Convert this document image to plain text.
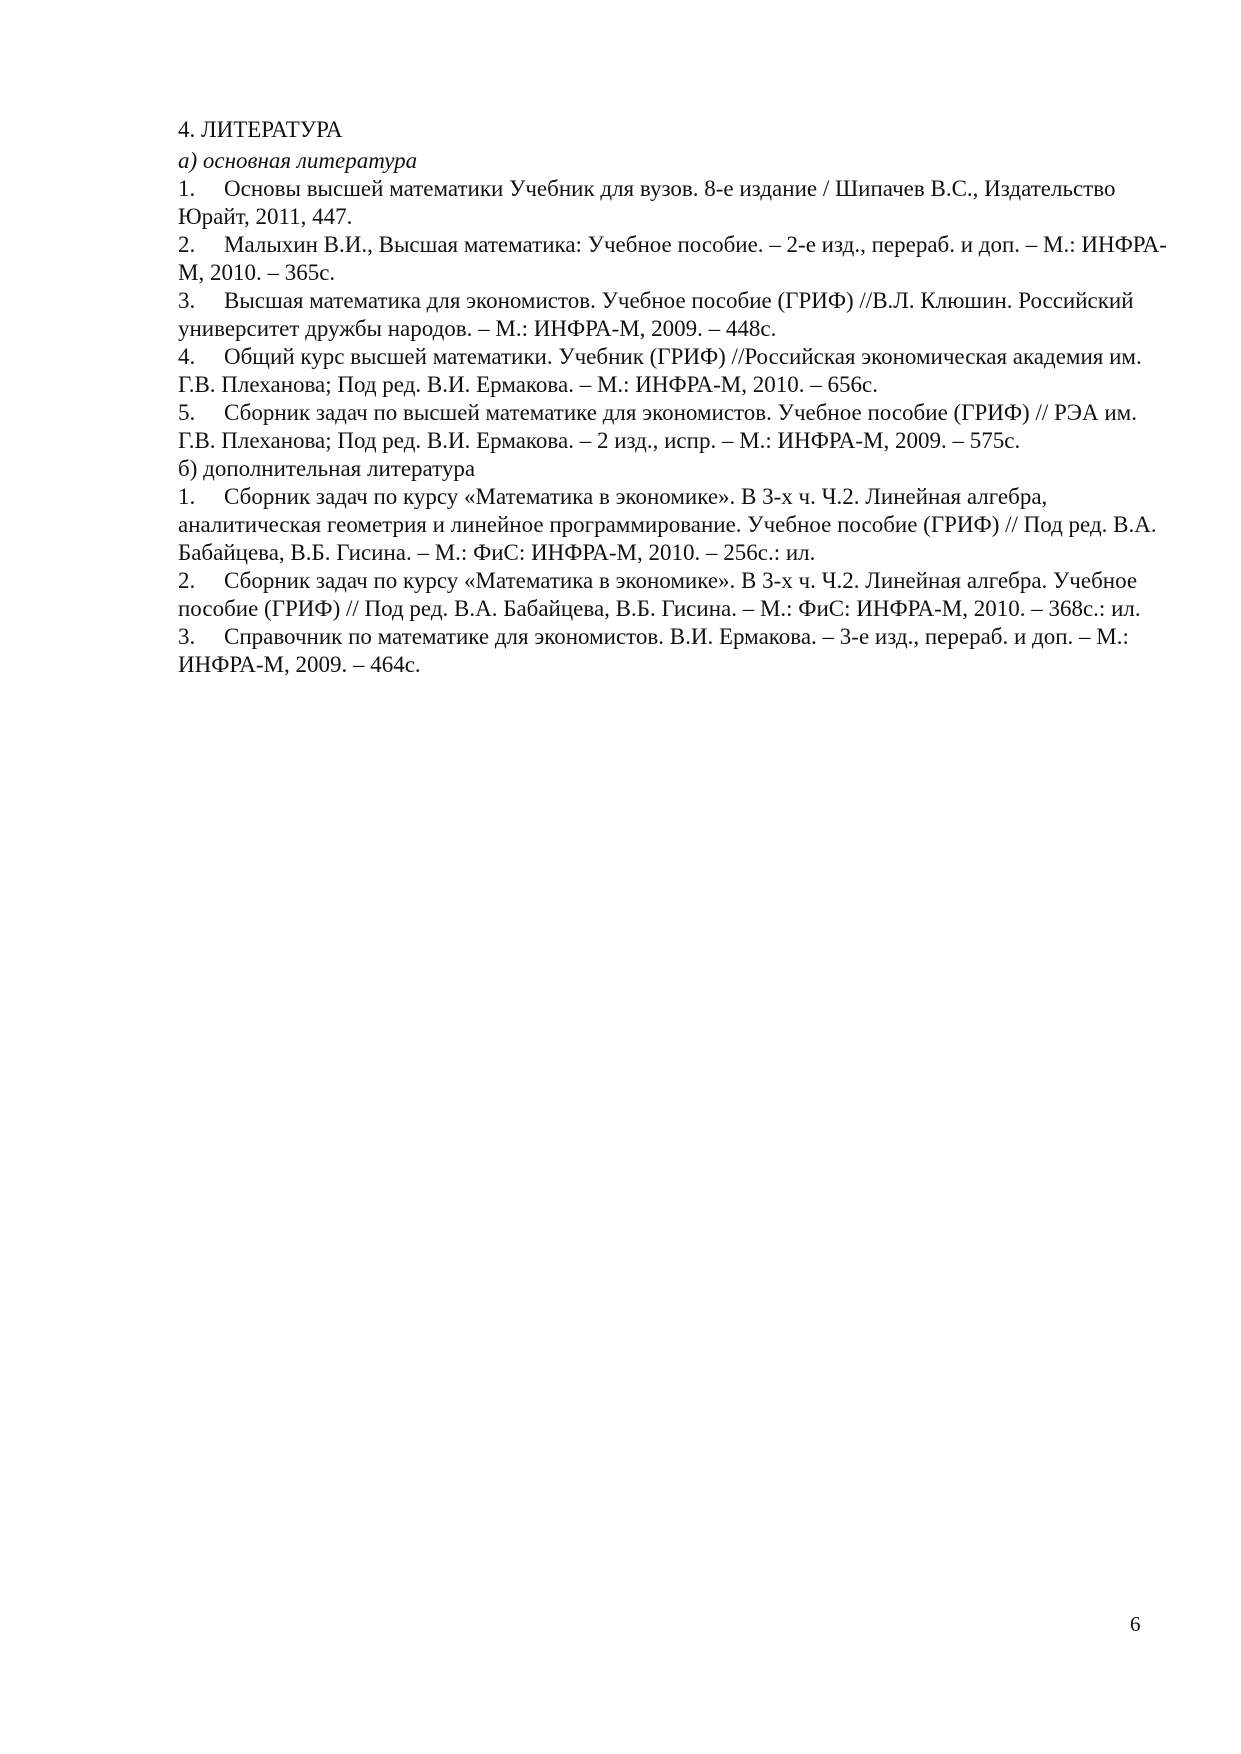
4. ЛИТЕРАТУРА

а) основная литература

1. Основы высшей математики Учебник для вузов. 8-е издание / Шипачев В.С., Издательство Юрайт, 2011, 447.
2. Малыхин В.И., Высшая математика: Учебное пособие. – 2-е изд., перераб. и доп. – М.: ИНФРА-М, 2010. – 365с.
3. Высшая математика для экономистов. Учебное пособие (ГРИФ) //В.Л. Клюшин. Российский университет дружбы народов. – М.: ИНФРА-М, 2009. – 448с.
4. Общий курс высшей математики. Учебник (ГРИФ) //Российская экономическая академия им. Г.В. Плеханова; Под ред. В.И. Ермакова. – М.: ИНФРА-М, 2010. – 656с.
5. Сборник задач по высшей математике для экономистов. Учебное пособие (ГРИФ) // РЭА им. Г.В. Плеханова; Под ред. В.И. Ермакова. – 2 изд., испр. – М.: ИНФРА-М, 2009. – 575с.

б) дополнительная литература

1. Сборник задач по курсу «Математика в экономике». В 3-х ч. Ч.2. Линейная алгебра, аналитическая геометрия и линейное программирование. Учебное пособие (ГРИФ) // Под ред. В.А. Бабайцева, В.Б. Гисина. – М.: ФиС: ИНФРА-М, 2010. – 256с.: ил.
2. Сборник задач по курсу «Математика в экономике». В 3-х ч. Ч.2. Линейная алгебра. Учебное пособие (ГРИФ) // Под ред. В.А. Бабайцева, В.Б. Гисина. – М.: ФиС: ИНФРА-М, 2010. – 368с.: ил.
3. Справочник по математике для экономистов. В.И. Ермакова. – 3-е изд., перераб. и доп. – М.: ИНФРА-М, 2009. – 464с.
6
